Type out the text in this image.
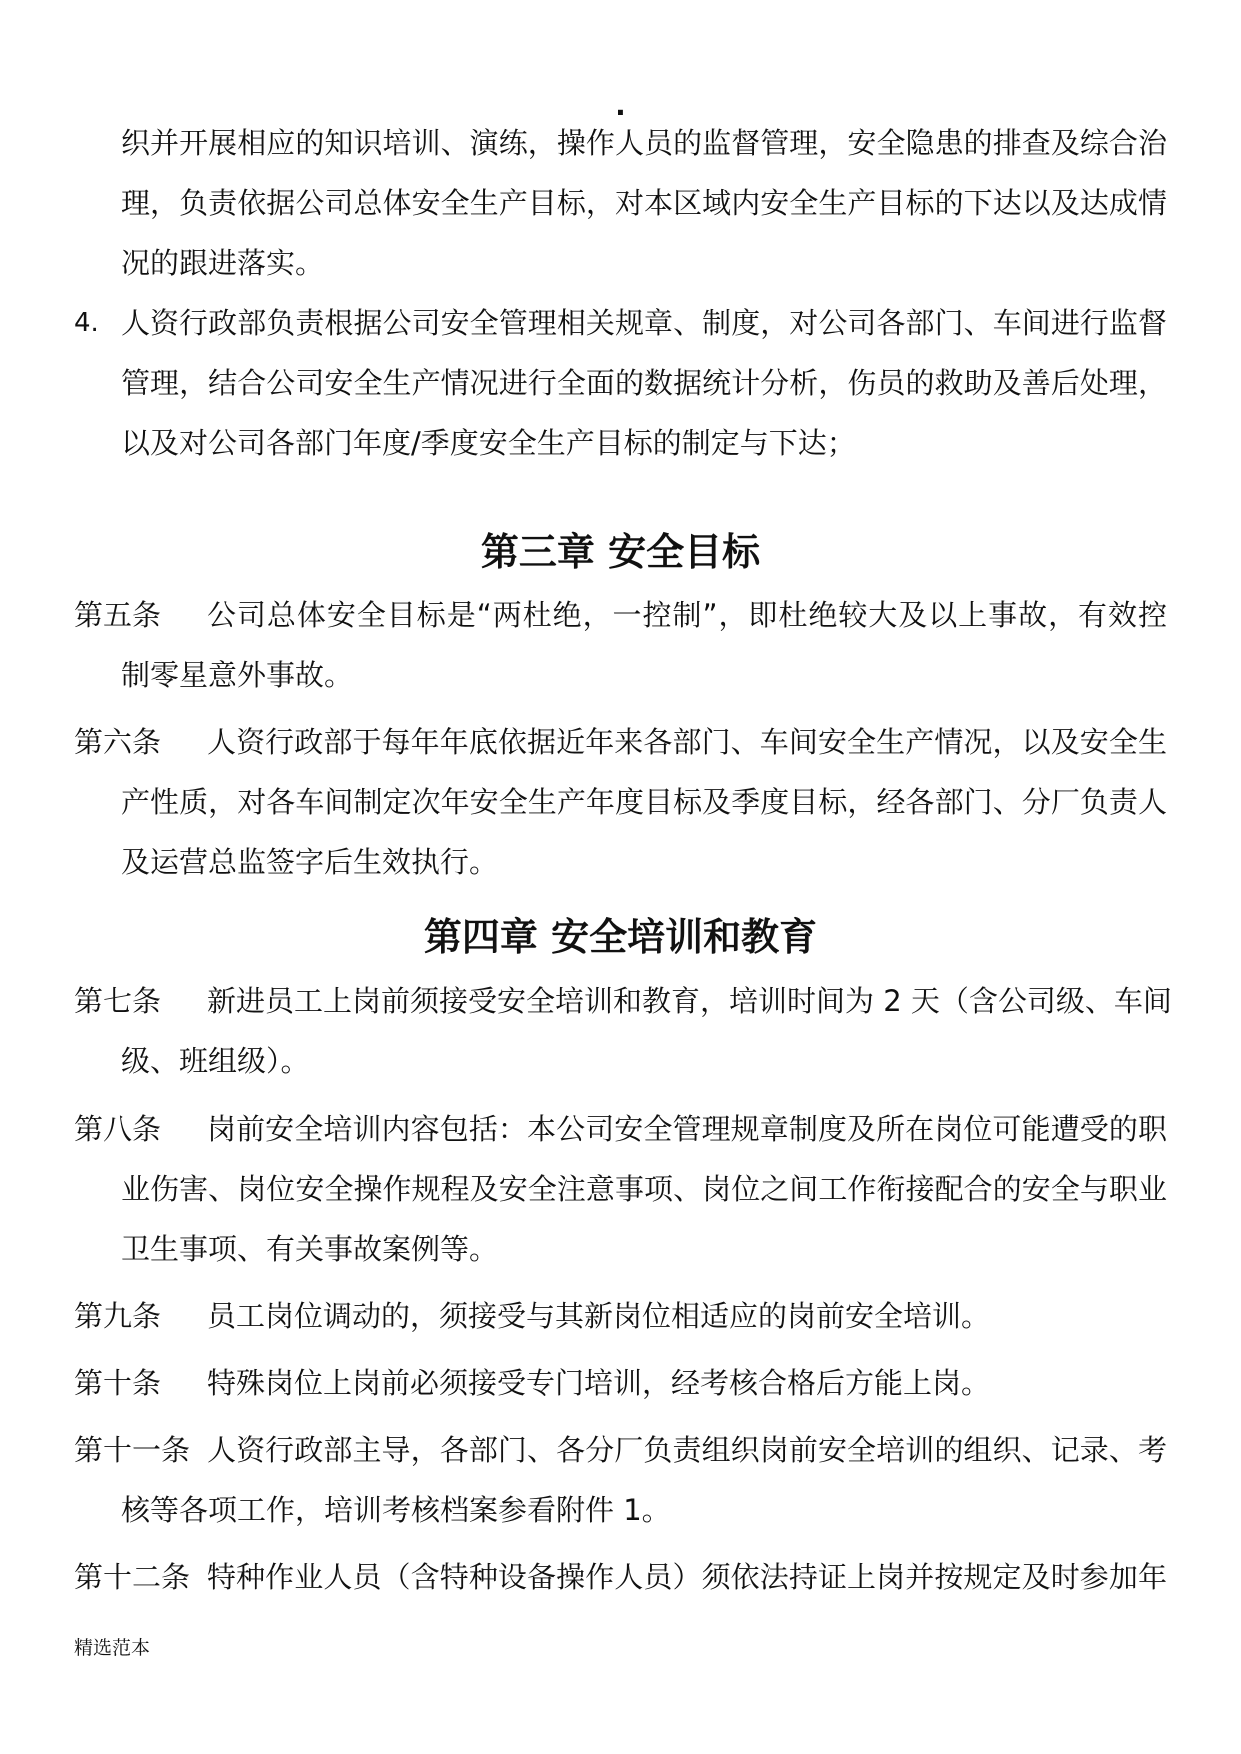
.
织并开展相应的知识培训、演练，操作人员的监督管理，安全隐患的排查及综合治
理，负责依据公司总体安全生产目标，对本区域内安全生产目标的下达以及达成情
况的跟进落实。
4. 人资行政部负责根据公司安全管理相关规章、制度，对公司各部门、车间进行监督
管理，结合公司安全生产情况进行全面的数据统计分析，伤员的救助及善后处理，
以及对公司各部门年度/季度安全生产目标的制定与下达；
第三章 安全目标
第五条 公司总体安全目标是“两杜绝，一控制”，即杜绝较大及以上事故，有效控
制零星意外事故。
第六条 人资行政部于每年年底依据近年来各部门、车间安全生产情况，以及安全生
产性质，对各车间制定次年安全生产年度目标及季度目标，经各部门、分厂负责人
及运营总监签字后生效执行。
第四章 安全培训和教育
第七条 新进员工上岗前须接受安全培训和教育，培训时间为 2 天（含公司级、车间
级、班组级）。
第八条 岗前安全培训内容包括：本公司安全管理规章制度及所在岗位可能遭受的职
业伤害、岗位安全操作规程及安全注意事项、岗位之间工作衔接配合的安全与职业
卫生事项、有关事故案例等。
第九条 员工岗位调动的，须接受与其新岗位相适应的岗前安全培训。
第十条 特殊岗位上岗前必须接受专门培训，经考核合格后方能上岗。
第十一条 人资行政部主导，各部门、各分厂负责组织岗前安全培训的组织、记录、考
核等各项工作，培训考核档案参看附件 1。
第十二条 特种作业人员（含特种设备操作人员）须依法持证上岗并按规定及时参加年
精选范本
